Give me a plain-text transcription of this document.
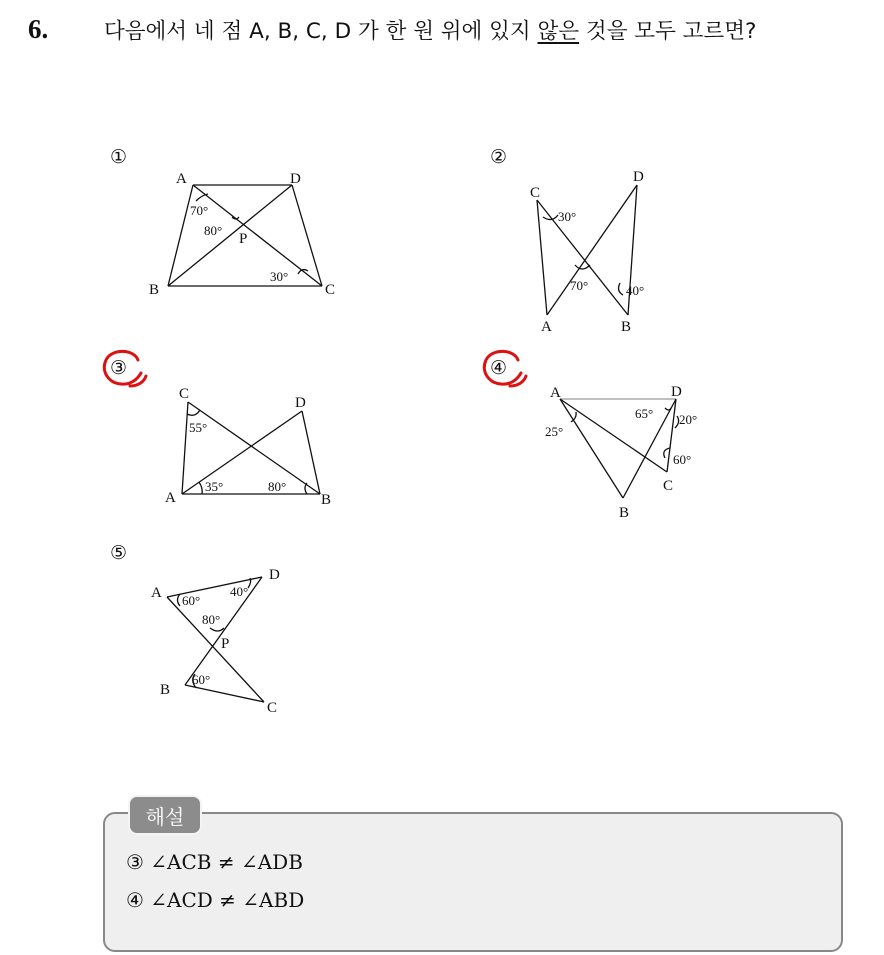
6.	다음에서 네 점 A, B, C, D 가 한 원 위에 있지 않은 것을 모두 고르면?
①	②
③	④
⑤
A	D
B	C
P
70°
80°
30°
C
D
A	B
30°
70°	40°
C
D
A	B
55°
35°	80°
A	D
C
B
25°
65° 20°
60°
A
D
P
B
C
60°
40°
80°
60°
해설
③ ∠ACB ≠ ∠ADB
④ ∠ACD ≠ ∠ABD
